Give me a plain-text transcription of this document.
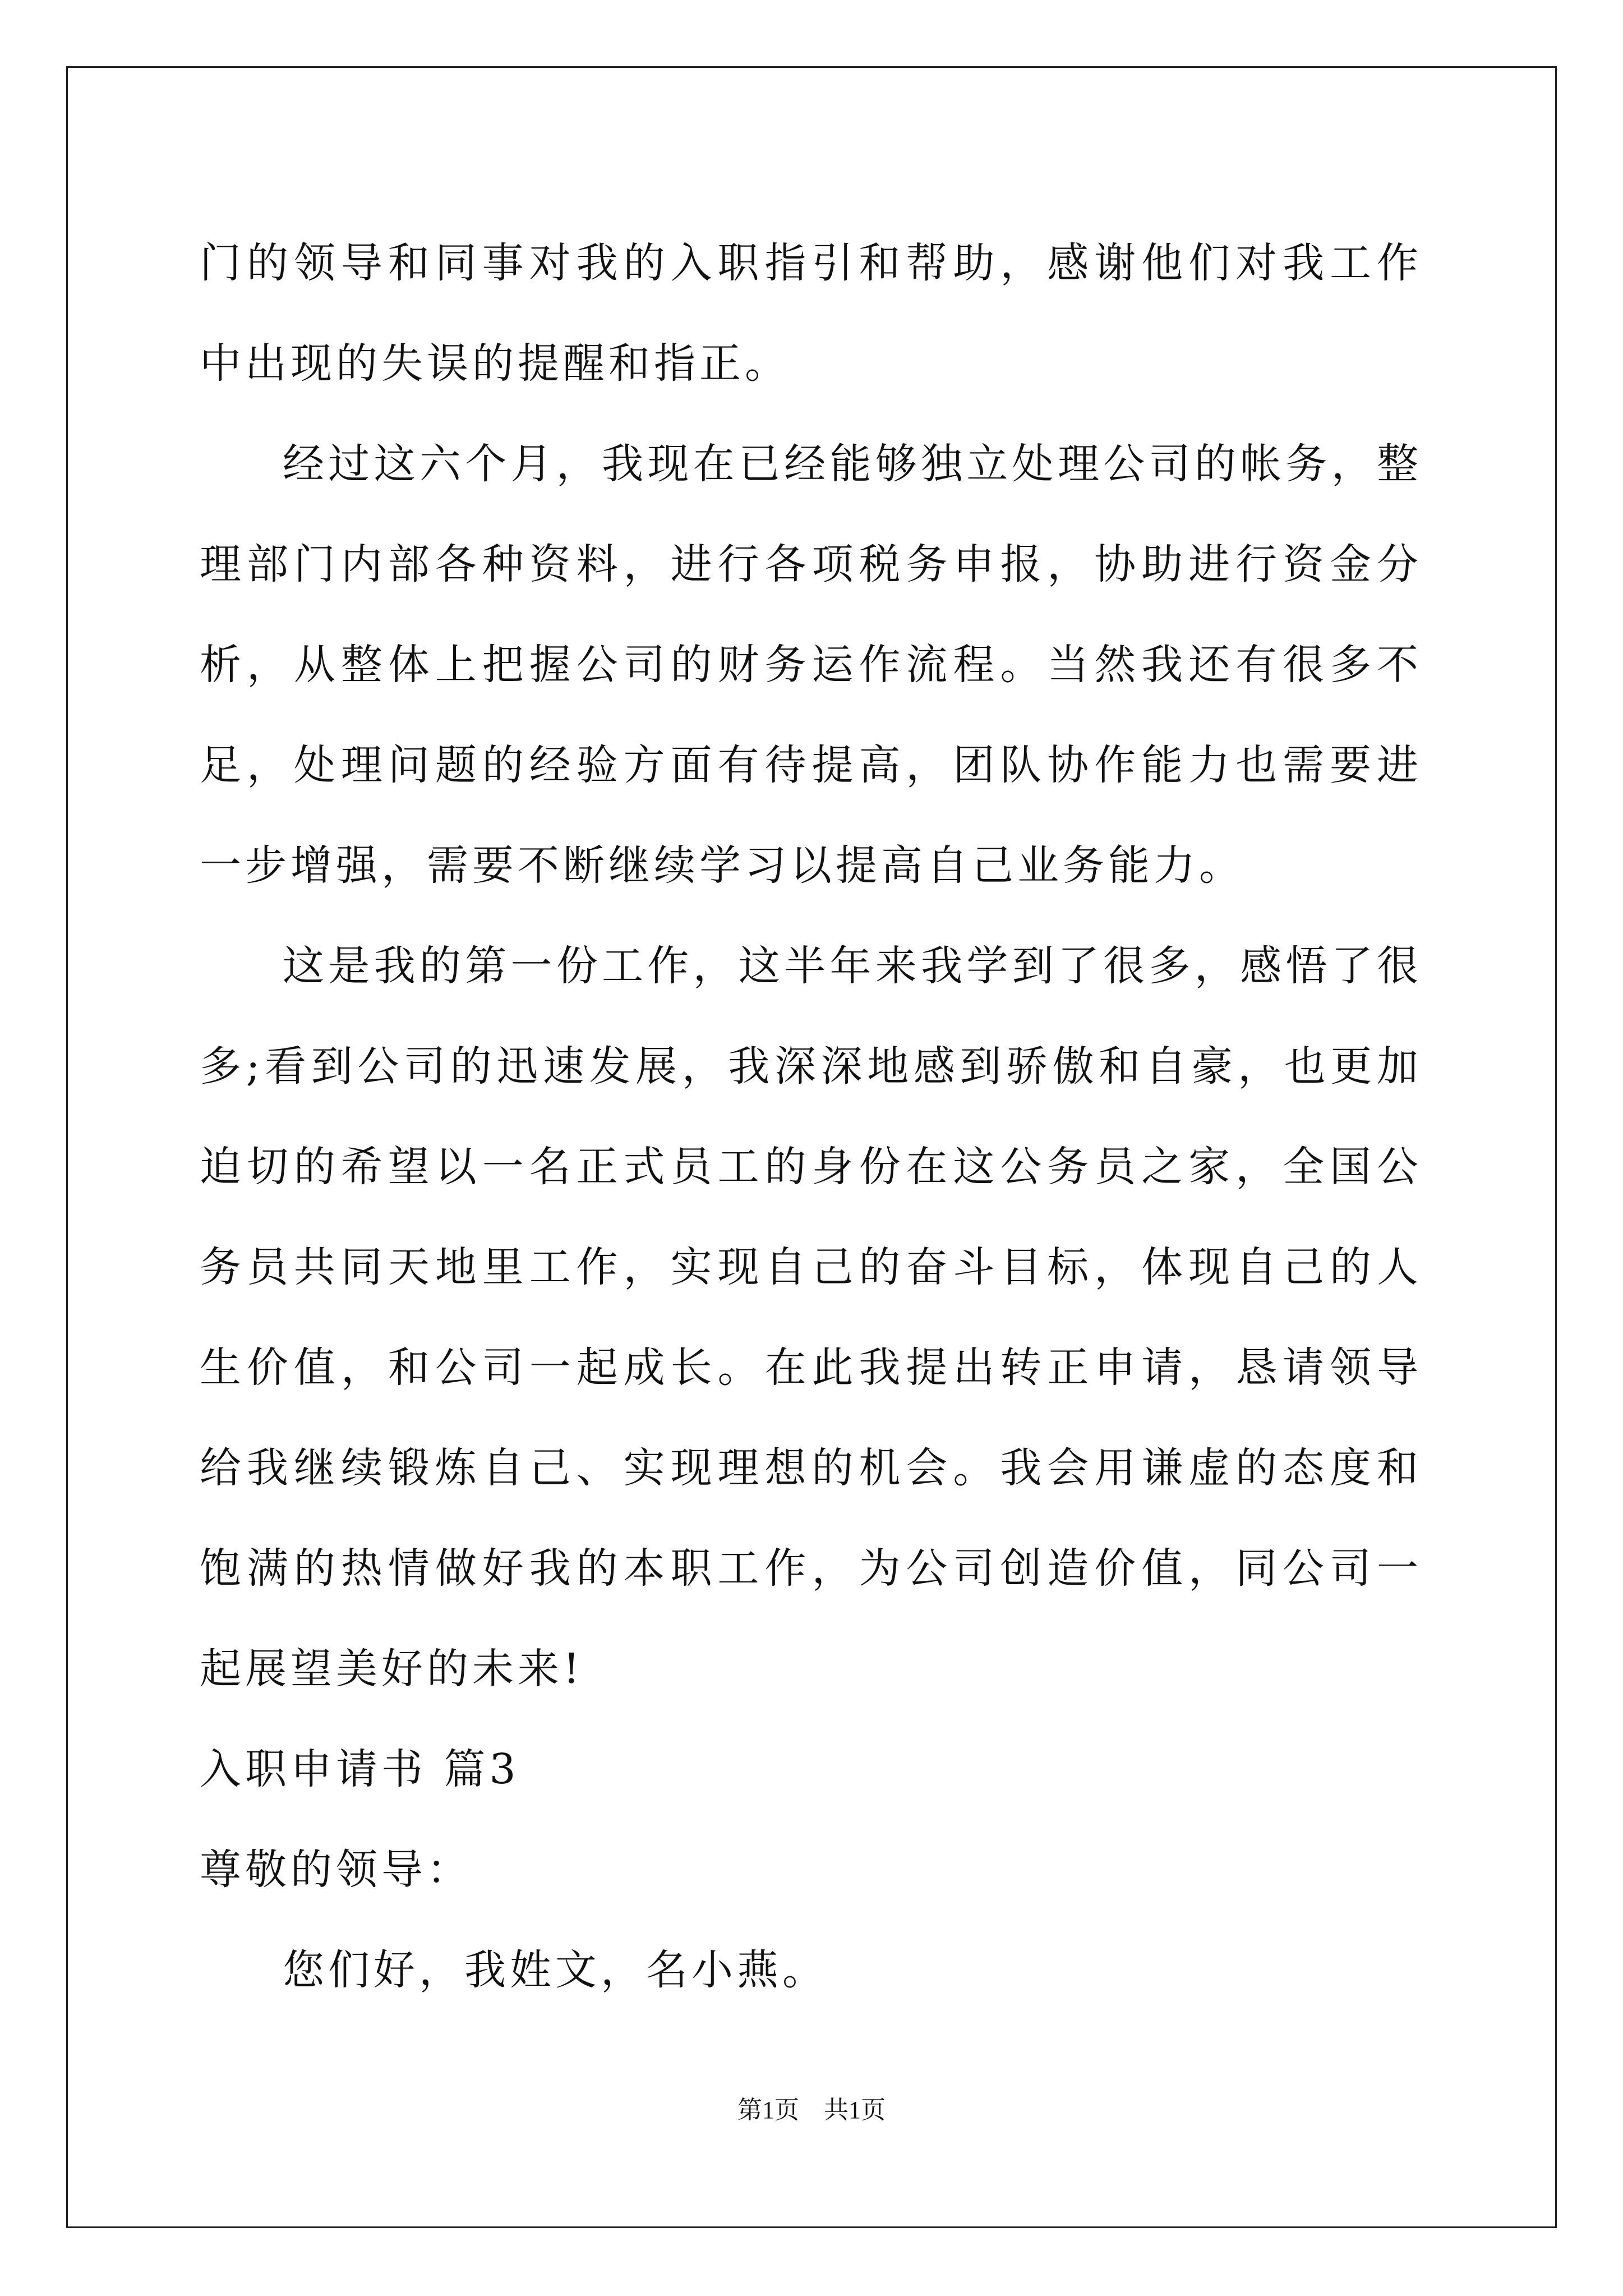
门的领导和同事对我的入职指引和帮助，感谢他们对我工作中出现的失误的提醒和指正。

经过这六个月，我现在已经能够独立处理公司的帐务，整理部门内部各种资料，进行各项税务申报，协助进行资金分析，从整体上把握公司的财务运作流程。当然我还有很多不足，处理问题的经验方面有待提高，团队协作能力也需要进一步增强，需要不断继续学习以提高自己业务能力。

这是我的第一份工作，这半年来我学到了很多，感悟了很多;看到公司的迅速发展，我深深地感到骄傲和自豪，也更加迫切的希望以一名正式员工的身份在这公务员之家，全国公务员共同天地里工作，实现自己的奋斗目标，体现自己的人生价值，和公司一起成长。在此我提出转正申请，恳请领导给我继续锻炼自己、实现理想的机会。我会用谦虚的态度和饱满的热情做好我的本职工作，为公司创造价值，同公司一起展望美好的未来!

入职申请书 篇3

尊敬的领导：

您们好，我姓文，名小燕。

第1页　共1页
